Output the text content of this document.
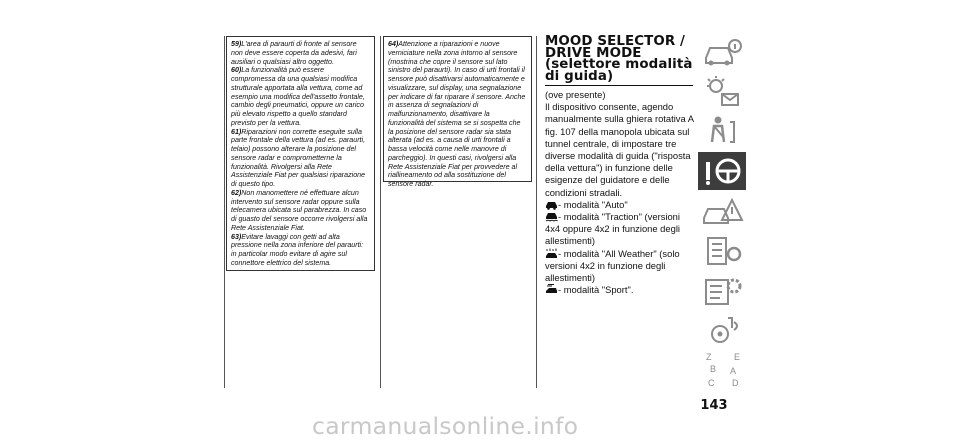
59)L'area di paraurti di fronte al sensore non deve essere coperta da adesivi, fari ausiliari o qualsiasi altro oggetto.

60)La funzionalità può essere compromessa da una qualsiasi modifica strutturale apportata alla vettura, come ad esempio una modifica dell'assetto frontale, cambio degli pneumatici, oppure un carico più elevato rispetto a quello standard previsto per la vettura.

61)Riparazioni non corrette eseguite sulla parte frontale della vettura (ad es. paraurti, telaio) possono alterare la posizione del sensore radar e comprometterne la funzionalità. Rivolgersi alla Rete Assistenziale Fiat per qualsiasi riparazione di questo tipo.

62)Non manomettere né effettuare alcun intervento sul sensore radar oppure sulla telecamera ubicata sul parabrezza. In caso di guasto del sensore occorre rivolgersi alla Rete Assistenziale Fiat.

63)Evitare lavaggi con getti ad alta pressione nella zona inferiore del paraurti: in particolar modo evitare di agire sul connettore elettrico del sistema.

64)Attenzione a riparazioni e nuove verniciature nella zona intorno al sensore (mostrina che copre il sensore sul lato sinistro del paraurti). In caso di urti frontali il sensore può disattivarsi automaticamente e visualizzare, sul display, una segnalazione per indicare di far riparare il sensore. Anche in assenza di segnalazioni di malfunzionamento, disattivare la funzionalità del sistema se si sospetta che la posizione del sensore radar sia stata alterata (ad es. a causa di urti frontali a bassa velocità come nelle manovre di parcheggio). In questi casi, rivolgersi alla Rete Assistenziale Fiat per provvedere al riallineamento od alla sostituzione del sensore radar.

MOOD SELECTOR /
DRIVE MODE
(selettore modalità
di guida)

(ove presente)

Il dispositivo consente, agendo manualmente sulla ghiera rotativa A fig. 107 della manopola ubicata sul tunnel centrale, di impostare tre diverse modalità di guida ("risposta della vettura") in funzione delle esigenze del guidatore e delle condizioni stradali.

- modalità "Auto"
- modalità "Traction" (versioni 4x4 oppure 4x2 in funzione degli allestimenti)
- modalità "All Weather" (solo versioni 4x2 in funzione degli allestimenti)
- modalità "Sport".
Z	E B A C D
143
carmanualsonline.info
